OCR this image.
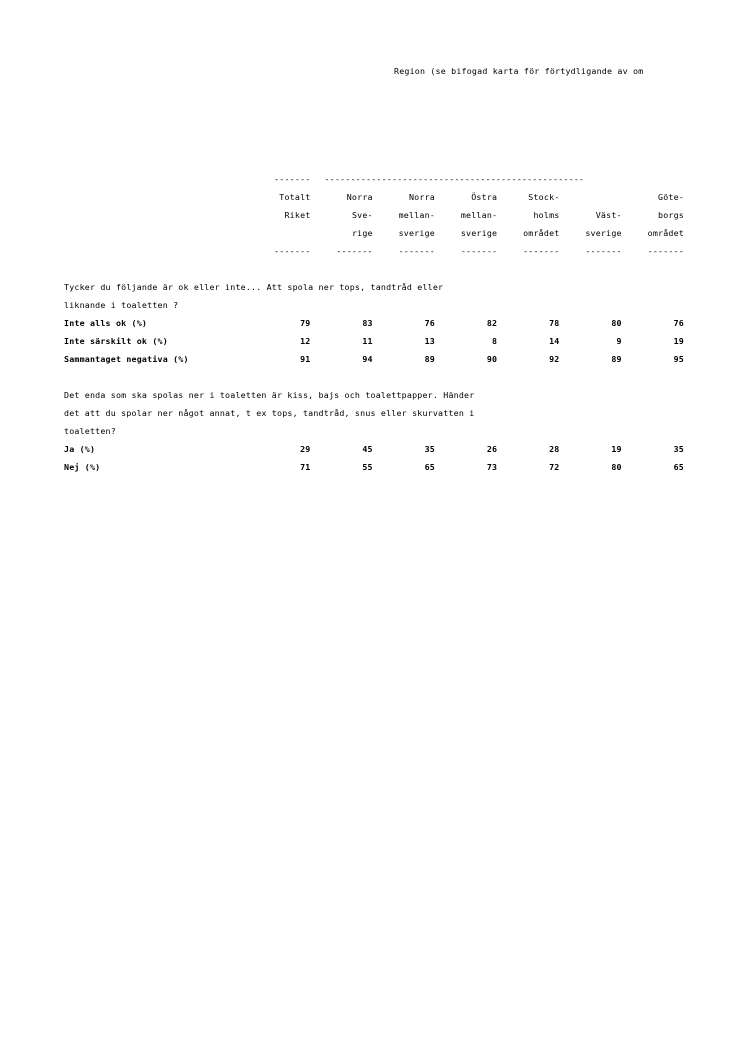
Region (se bifogad karta för förtydligande av om

	-------	--------------------------------------------------					
	Totalt	Norra	Norra	Östra	Stock-		Göte-
	Riket	Sve-	mellan-	mellan-	holms	Väst-	borgs
		rige	sverige	sverige	området	sverige	området
	-------	-------	-------	-------	-------	-------	-------

Tycker du följande är ok eller inte... Att spola ner tops, tandtråd eller							
liknande i toaletten ?							
Inte alls ok (%)	79	83	76	82	78	80	76
Inte särskilt ok (%)	12	11	13	8	14	9	19
Sammantaget negativa (%)	91	94	89	90	92	89	95

Det enda som ska spolas ner i toaletten är kiss, bajs och toalettpapper. Händer							
det att du spolar ner något annat, t ex tops, tandtråd, snus eller skurvatten i							
toaletten?							
Ja (%)	29	45	35	26	28	19	35
Nej (%)	71	55	65	73	72	80	65
